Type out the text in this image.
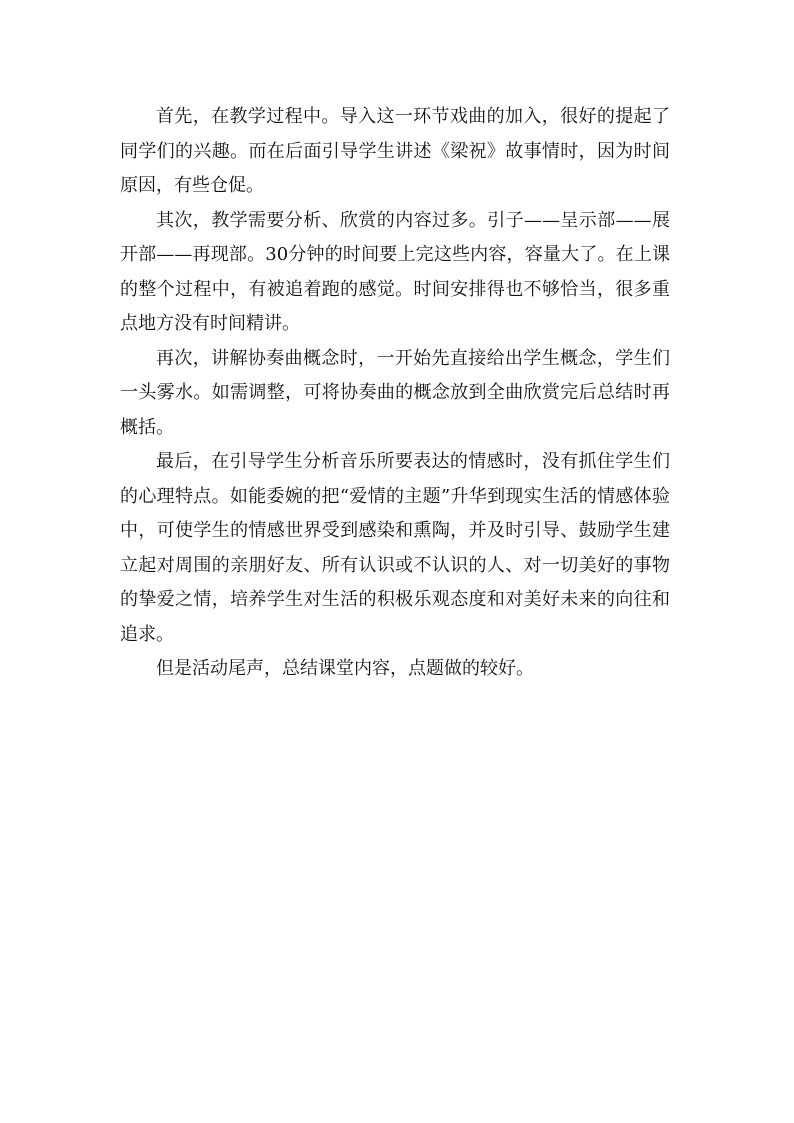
首先，在教学过程中。导入这一环节戏曲的加入，很好的提起了同学们的兴趣。而在后面引导学生讲述《梁祝》故事情时，因为时间原因，有些仓促。

其次，教学需要分析、欣赏的内容过多。引子——呈示部——展开部——再现部。30分钟的时间要上完这些内容，容量大了。在上课的整个过程中，有被追着跑的感觉。时间安排得也不够恰当，很多重点地方没有时间精讲。

再次，讲解协奏曲概念时，一开始先直接给出学生概念，学生们一头雾水。如需调整，可将协奏曲的概念放到全曲欣赏完后总结时再概括。

最后，在引导学生分析音乐所要表达的情感时，没有抓住学生们的心理特点。如能委婉的把“爱情的主题”升华到现实生活的情感体验中，可使学生的情感世界受到感染和熏陶，并及时引导、鼓励学生建立起对周围的亲朋好友、所有认识或不认识的人、对一切美好的事物的挚爱之情，培养学生对生活的积极乐观态度和对美好未来的向往和追求。

但是活动尾声，总结课堂内容，点题做的较好。
